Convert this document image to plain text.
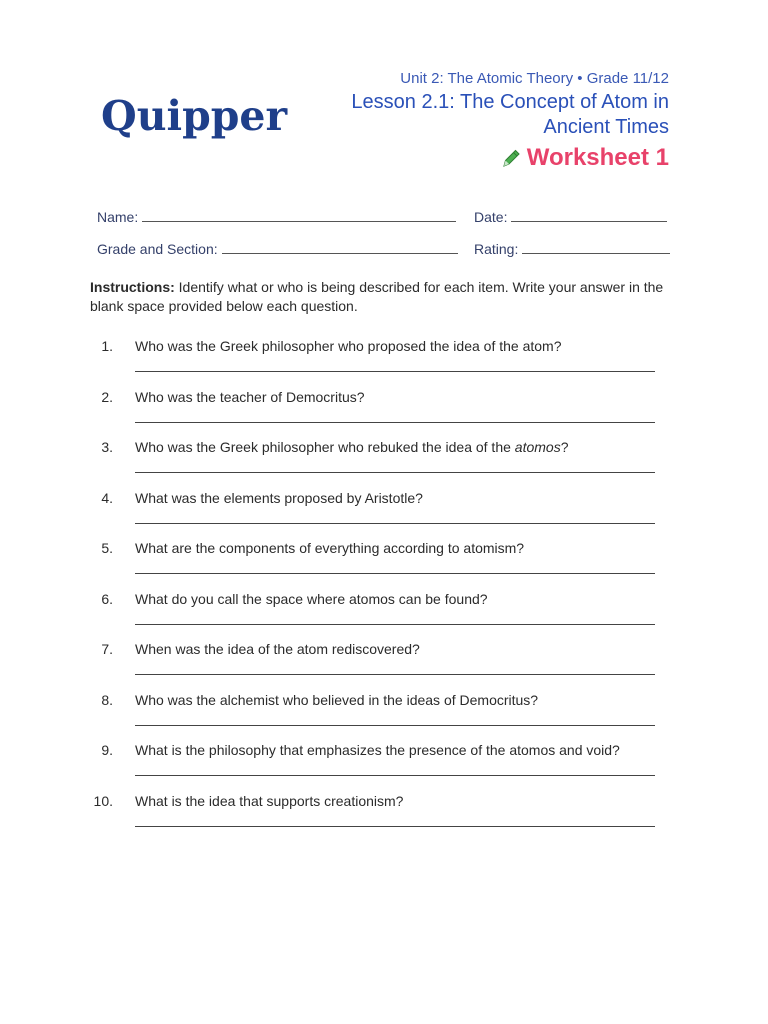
Quipper
Unit 2: The Atomic Theory • Grade 11/12
Lesson 2.1: The Concept of Atom in Ancient Times
Worksheet 1
Name:	Date:
Grade and Section:	Rating:
Instructions: Identify what or who is being described for each item. Write your answer in the blank space provided below each question.
1. Who was the Greek philosopher who proposed the idea of the atom?
2. Who was the teacher of Democritus?
3. Who was the Greek philosopher who rebuked the idea of the atomos?
4. What was the elements proposed by Aristotle?
5. What are the components of everything according to atomism?
6. What do you call the space where atomos can be found?
7. When was the idea of the atom rediscovered?
8. Who was the alchemist who believed in the ideas of Democritus?
9. What is the philosophy that emphasizes the presence of the atomos and void?
10. What is the idea that supports creationism?
